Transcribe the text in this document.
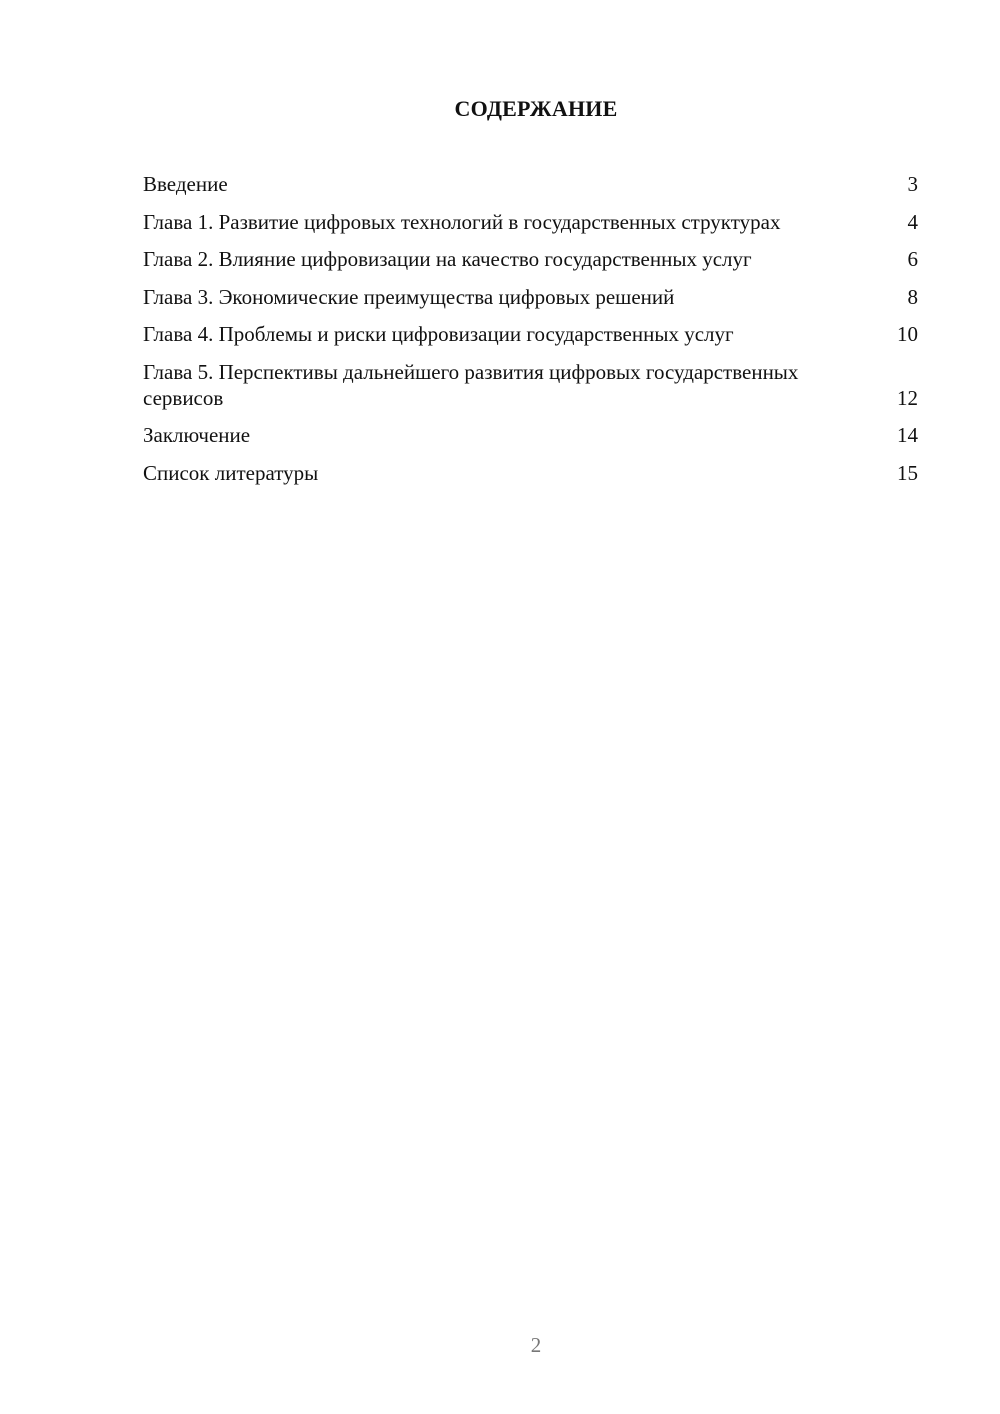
СОДЕРЖАНИЕ
Введение	3
Глава 1. Развитие цифровых технологий в государственных структурах	4
Глава 2. Влияние цифровизации на качество государственных услуг	6
Глава 3. Экономические преимущества цифровых решений	8
Глава 4. Проблемы и риски цифровизации государственных услуг	10
Глава 5. Перспективы дальнейшего развития цифровых государственных сервисов	12
Заключение	14
Список литературы	15
2
